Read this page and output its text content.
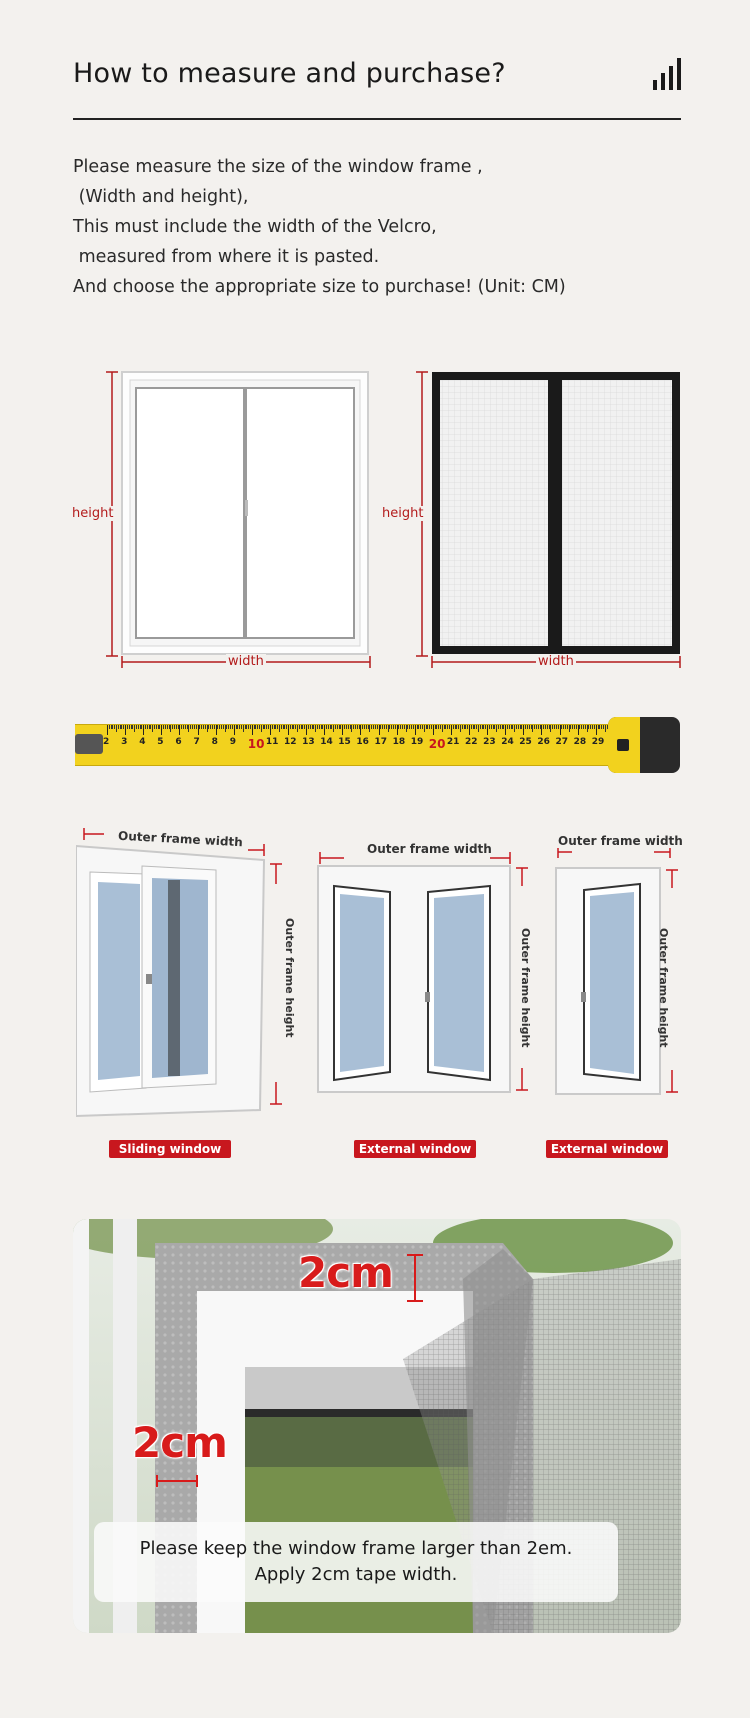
How to measure and purchase?
Please measure the size of the window frame ,
(Width and height),
This must include the width of the Velcro,
measured from where it is pasted.
And choose the appropriate size to purchase! (Unit: CM)
height
width
height
width
2 3 4 5 6 7 8 9 10 11 12 13 14 15 16 17 18 19 20 21 22 23 24 25 26 27 28 29
Outer frame width
Outer frame height
Sliding window
Outer frame width
Outer frame height
External window
Outer frame width
Outer frame height
External window
2cm
2cm
Please keep the window frame larger than 2em.
Apply 2cm tape width.
